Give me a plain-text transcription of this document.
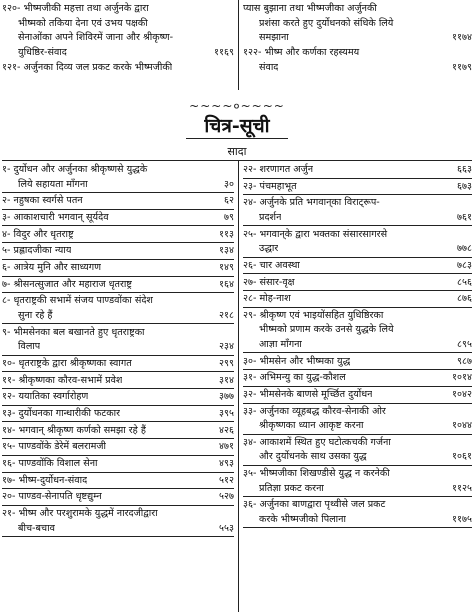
१२०- भीष्मजीकी महत्ता तथा अर्जुनके द्वारा
भीष्मको तकिया देना एवं उभय पक्षकी
सेनाओंका अपने शिविरमें जाना और श्रीकृष्ण-
युधिष्ठिर-संवाद	११६९
१२१- अर्जुनका दिव्य जल प्रकट करके भीष्मजीकी
प्यास बुझाना तथा भीष्मजीका अर्जुनकी
प्रशंसा करते हुए दुर्योधनको संधिके लिये
समझाना	११७४
१२२- भीष्म और कर्णका रहस्यमय
संवाद	११७९
~~~~०~~~~
चित्र-सूची
सादा
१- दुर्योधन और अर्जुनका श्रीकृष्णसे युद्धके
लिये सहायता माँगना	३०
२- नहुषका स्वर्गसे पतन	६२
३- आकाशचारी भगवान् सूर्यदेव	७९
४- विदुर और धृतराष्ट्र	११३
५- प्रह्लादजीका न्याय	१३४
६- आत्रेय मुनि और साध्यगण	१४९
७- श्रीसनत्सुजात और महाराज धृतराष्ट्र	१६४
८- धृतराष्ट्रकी सभामें संजय पाण्डवोंका संदेश
सुना रहे हैं	२१८
९- भीमसेनका बल बखानते हुए धृतराष्ट्रका
विलाप	२३४
१०- धृतराष्ट्रके द्वारा श्रीकृष्णका स्वागत	२९९
११- श्रीकृष्णका कौरव-सभामें प्रवेश	३१४
१२- ययातिका स्वर्गारोहण	३७७
१३- दुर्योधनका गान्धारीकी फटकार	३९५
१४- भगवान् श्रीकृष्ण कर्णको समझा रहे हैं	४२६
१५- पाण्डवोंके डेरेमें बलरामजी	४७१
१६- पाण्डवोंकि विशाल सेना	४९३
१७- भीष्म-दुर्योधन-संवाद	५१२
२०- पाण्डव-सेनापति धृष्टद्युम्न	५२७
२१- भीष्म और परशुरामके युद्धमें नारदजीद्वारा
बीच-बचाव	५५३
२२- शरणागत अर्जुन	६६३
२३- पंचमहाभूत	६७३
२४- अर्जुनके प्रति भगवान्‌का विराट्‌रूप-
प्रदर्शन	७६१
२५- भगवान्‌के द्वारा भक्तका संसारसागरसे
उद्धार	७७८
२६- चार अवस्था	७८३
२७- संसार-वृक्ष	८५६
२८- मोह-नाश	८७६
२९- श्रीकृष्ण एवं भाइयोंसहित युधिष्ठिरका
भीष्मको प्रणाम करके उनसे युद्धके लिये
आज्ञा माँगना	८९५
३०- भीमसेन और भीष्मका युद्ध	९८७
३१- अभिमन्यु का युद्ध-कौशल	१०१४
३२- भीमसेनके बाणसे मूर्च्छित दुर्योधन	१०४२
३३- अर्जुनका व्यूहबद्ध कौरव-सेनाकी ओर
श्रीकृष्णका ध्यान आकृष्ट करना	१०४४
३४- आकाशमें स्थित हुए घटोत्कचकी गर्जना
और दुर्योधनके साथ उसका युद्ध	१०६१
३५- भीष्मजीका शिखण्डीसे युद्ध न करनेकी
प्रतिज्ञा प्रकट करना	११२५
३६- अर्जुनका बाणद्वारा पृथ्वीसे जल प्रकट
करके भीष्मजीको पिलाना	११७५
